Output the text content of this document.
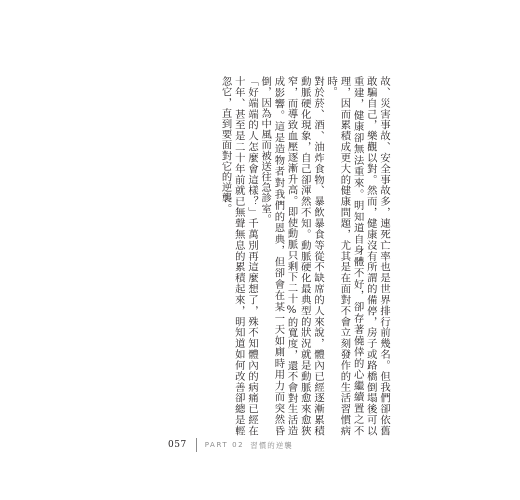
故、災害事故、安全事故多，連死亡率也是世界排行前幾名。但我們卻依舊敢騙自己，樂觀以對。然而，健康沒有所謂的備停，房子或路橋倒塌後可以重建，健康卻無法重來。明知道自身體不好，卻存著僥倖的心繼續置之不理，因而累積成更大的健康問題，尤其是在面對不會立刻發作的生活習慣病時。

對於菸、酒、油炸食物、暴飲暴食等從不缺席的人來說，體內已經逐漸累積動脈硬化現象，自己卻渾然不知。動脈硬化最典型的狀況就是動脈愈來愈狹窄，而導致血壓逐漸升高。即使動脈只剩下二十%的寬度，還不會對生活造成影響。這是造物者對我們的恩典，但卻會在某一天如廁時用力而突然昏倒，因為中風而被送往急診室。

「好端端的人怎麼會這樣？」千萬別再這麼想了，殊不知體內的病痛已經在十年、甚至是二十年前就已無聲無息的累積起來，明知道如何改善卻總是輕忽它，直到要面對它的逆襲。

057	PART 02 習慣的逆襲
